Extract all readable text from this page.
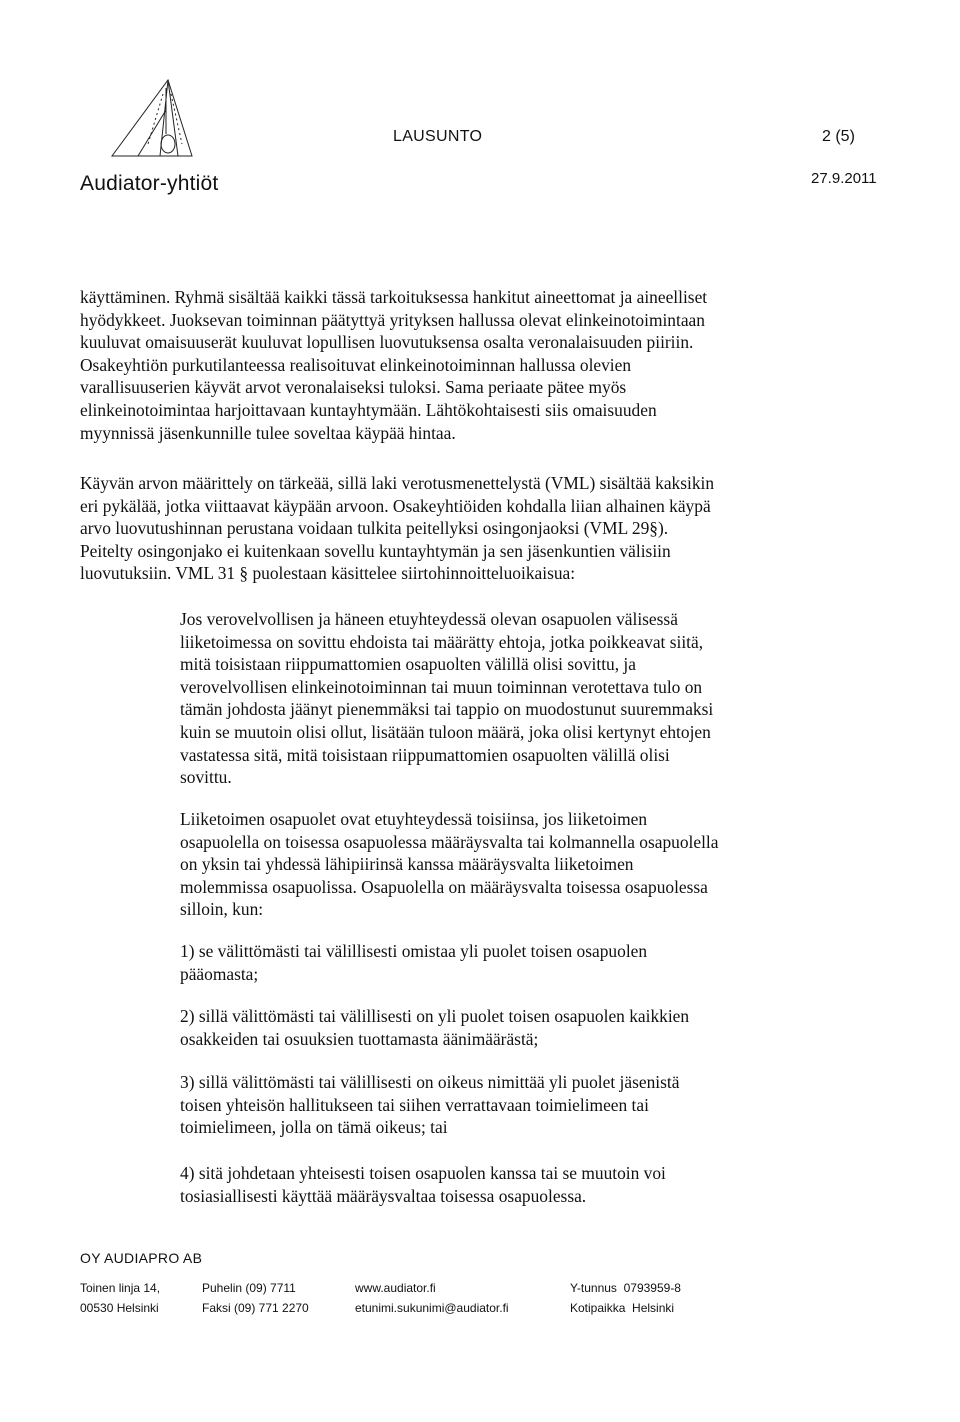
Audiator-yhtiöt
LAUSUNTO	2 (5)
27.9.2011

käyttäminen. Ryhmä sisältää kaikki tässä tarkoituksessa hankitut aineettomat ja aineelliset
hyödykkeet. Juoksevan toiminnan päätyttyä yrityksen hallussa olevat elinkeinotoimintaan
kuuluvat omaisuuserät kuuluvat lopullisen luovutuksensa osalta veronalaisuuden piiriin.
Osakeyhtiön purkutilanteessa realisoituvat elinkeinotoiminnan hallussa olevien
varallisuuserien käyvät arvot veronalaiseksi tuloksi. Sama periaate pätee myös
elinkeinotoimintaa harjoittavaan kuntayhtymään. Lähtökohtaisesti siis omaisuuden
myynnissä jäsenkunnille tulee soveltaa käypää hintaa.

Käyvän arvon määrittely on tärkeää, sillä laki verotusmenettelystä (VML) sisältää kaksikin
eri pykälää, jotka viittaavat käypään arvoon. Osakeyhtiöiden kohdalla liian alhainen käypä
arvo luovutushinnan perustana voidaan tulkita peitellyksi osingonjaoksi (VML 29§).
Peitelty osingonjako ei kuitenkaan sovellu kuntayhtymän ja sen jäsenkuntien välisiin
luovutuksiin. VML 31 § puolestaan käsittelee siirtohinnoitteluoikaisua:

Jos verovelvollisen ja häneen etuyhteydessä olevan osapuolen välisessä
liiketoimessa on sovittu ehdoista tai määrätty ehtoja, jotka poikkeavat siitä,
mitä toisistaan riippumattomien osapuolten välillä olisi sovittu, ja
verovelvollisen elinkeinotoiminnan tai muun toiminnan verotettava tulo on
tämän johdosta jäänyt pienemmäksi tai tappio on muodostunut suuremmaksi
kuin se muutoin olisi ollut, lisätään tuloon määrä, joka olisi kertynyt ehtojen
vastatessa sitä, mitä toisistaan riippumattomien osapuolten välillä olisi
sovittu.

Liiketoimen osapuolet ovat etuyhteydessä toisiinsa, jos liiketoimen
osapuolella on toisessa osapuolessa määräysvalta tai kolmannella osapuolella
on yksin tai yhdessä lähipiirinsä kanssa määräysvalta liiketoimen
molemmissa osapuolissa. Osapuolella on määräysvalta toisessa osapuolessa
silloin, kun:

1) se välittömästi tai välillisesti omistaa yli puolet toisen osapuolen
pääomasta;

2) sillä välittömästi tai välillisesti on yli puolet toisen osapuolen kaikkien
osakkeiden tai osuuksien tuottamasta äänimäärästä;

3) sillä välittömästi tai välillisesti on oikeus nimittää yli puolet jäsenistä
toisen yhteisön hallitukseen tai siihen verrattavaan toimielimeen tai
toimielimeen, jolla on tämä oikeus; tai

4) sitä johdetaan yhteisesti toisen osapuolen kanssa tai se muutoin voi
tosiasiallisesti käyttää määräysvaltaa toisessa osapuolessa.

OY AUDIAPRO AB
Toinen linja 14,
00530 Helsinki
Puhelin (09) 7711
Faksi (09) 771 2270
www.audiator.fi
etunimi.sukunimi@audiator.fi
Y-tunnus  0793959-8
Kotipaikka  Helsinki
